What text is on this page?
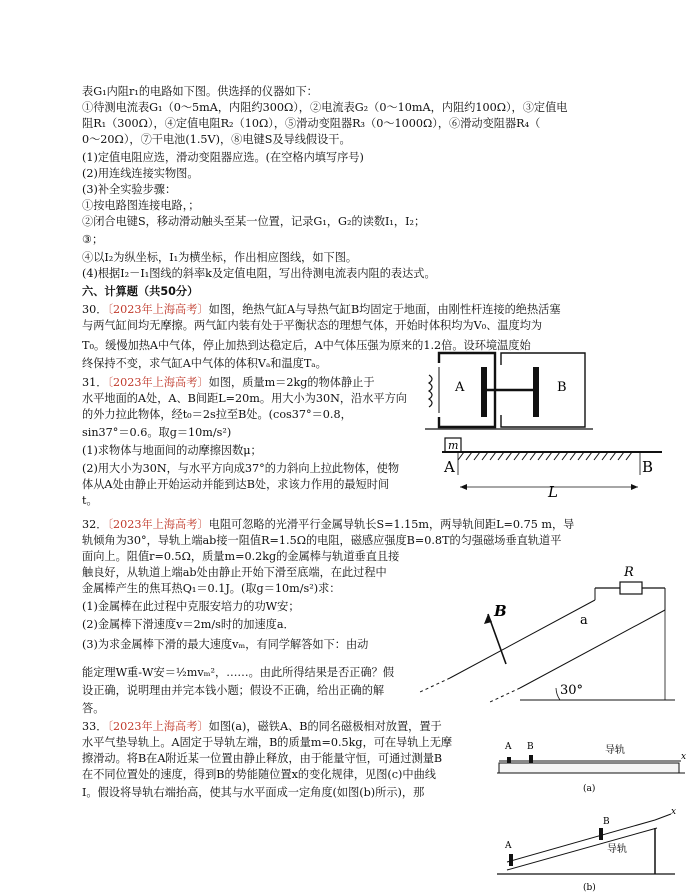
表G₁内阻r₁的电路如下图。供选择的仪器如下：
①待测电流表G₁（0～5mA，内阻约300Ω），②电流表G₂（0～10mA，内阻约100Ω），③定值电
阻R₁（300Ω），④定值电阻R₂（10Ω），⑤滑动变阻器R₃（0～1000Ω），⑥滑动变阻器R₄（
0～20Ω），⑦干电池(1.5V)，⑧电键S及导线假设干。
(1)定值电阻应选，滑动变阻器应选。(在空格内填写序号)
(2)用连线连接实物图。
(3)补全实验步骤：
①按电路图连接电路，；
②闭合电键S，移动滑动触头至某一位置，记录G₁，G₂的读数I₁，I₂；
③；
④以I₂为纵坐标，I₁为横坐标，作出相应图线，如下图。
(4)根据I₂－I₁图线的斜率k及定值电阻，写出待测电流表内阻的表达式。
六、计算题（共50分）
30．〔2023年上海高考〕如图，绝热气缸A与导热气缸B均固定于地面，由刚性杆连接的绝热活塞
与两气缸间均无摩擦。两气缸内装有处于平衡状态的理想气体，开始时体积均为V₀、温度均为
T₀。缓慢加热A中气体，停止加热到达稳定后，A中气体压强为原来的1.2倍。设环境温度始
终保持不变，求气缸A中气体的体积Vₐ和温度Tₐ。
31．〔2023年上海高考〕如图，质量m＝2kg的物体静止于
水平地面的A处，A、B间距L=20m。用大小为30N，沿水平方向
的外力拉此物体，经t₀＝2s拉至B处。(cos37°＝0.8，
sin37°＝0.6。取g＝10m/s²)
(1)求物体与地面间的动摩擦因数μ；
(2)用大小为30N，与水平方向成37°的力斜向上拉此物体，使物
体从A处由静止开始运动并能到达B处，求该力作用的最短时间
t。
32．〔2023年上海高考〕电阻可忽略的光滑平行金属导轨长S=1.15m，两导轨间距L=0.75 m，导
轨倾角为30°，导轨上端ab接一阻值R=1.5Ω的电阻，磁感应强度B=0.8T的匀强磁场垂直轨道平
面向上。阻值r=0.5Ω，质量m=0.2kg的金属棒与轨道垂直且接
触良好，从轨道上端ab处由静止开始下滑至底端，在此过程中
金属棒产生的焦耳热Q₁＝0.1J。(取g＝10m/s²)求：
(1)金属棒在此过程中克服安培力的功W安；
(2)金属棒下滑速度v＝2m/s时的加速度a．
(3)为求金属棒下滑的最大速度vₘ，有同学解答如下：由动
能定理W重-W安＝½mvₘ²，……。由此所得结果是否正确？假
设正确，说明理由并完本钱小题；假设不正确，给出正确的解
答。
33．〔2023年上海高考〕如图(a)，磁铁A、B的同名磁极相对放置，置于
水平气垫导轨上。A固定于导轨左端，B的质量m=0.5kg，可在导轨上无摩
擦滑动。将B在A附近某一位置由静止释放，由于能量守恒，可通过测量B
在不同位置处的速度，得到B的势能随位置x的变化规律，见图(c)中曲线
I。假设将导轨右端抬高，使其与水平面成一定角度(如图(b)所示)，那
A	B
m
A	B
L
R
30°
a
B
A B	导轨
x
(a)
x
A
B
导轨
(b)
